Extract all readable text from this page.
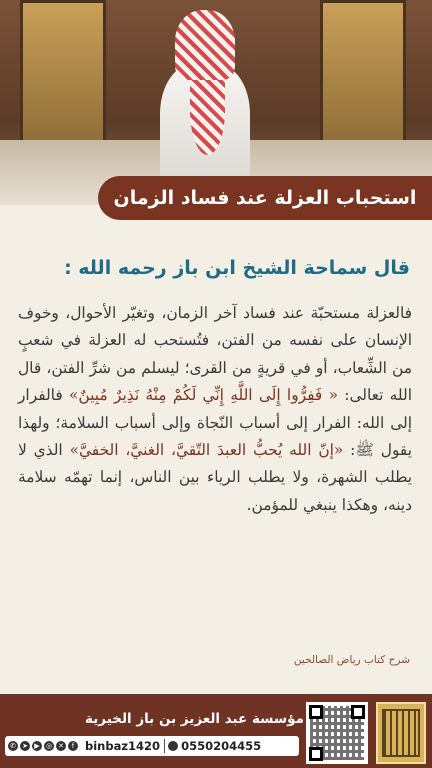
استحباب العزلة عند فساد الزمان
قال سماحة الشيخ ابن باز رحمه الله :
فالعزلة مستحبّة عند فساد آخر الزمان، وتغيّر الأحوال، وخوف الإنسان على نفسه من الفتن، فتُستحب له العزلة في شعبٍ من الشِّعاب، أو في قريةٍ من القرى؛ ليسلم من شرِّ الفتن، قال الله تعالى: « فَفِرُّوا إِلَى اللَّهِ إِنِّي لَكُمْ مِنْهُ نَذِيرٌ مُبِينٌ» فالفرار إلى الله: الفرار إلى أسباب النّجاة وإلى أسباب السلامة؛ ولهذا يقول ﷺ: «إنّ الله يُحبُّ العبدَ التّقيَّ، الغنيَّ، الخفيَّ» الذي لا يطلب الشهرة، ولا يطلب الرياء بين الناس، إنما تهمّه سلامة دينه، وهكذا ينبغي للمؤمن.
شرح كتاب رياض الصالحين
مؤسسة عبد العزيز بن باز الخيرية
✆ ➤ ▶ ◎ ✕	f binbaz1420	0550204455
